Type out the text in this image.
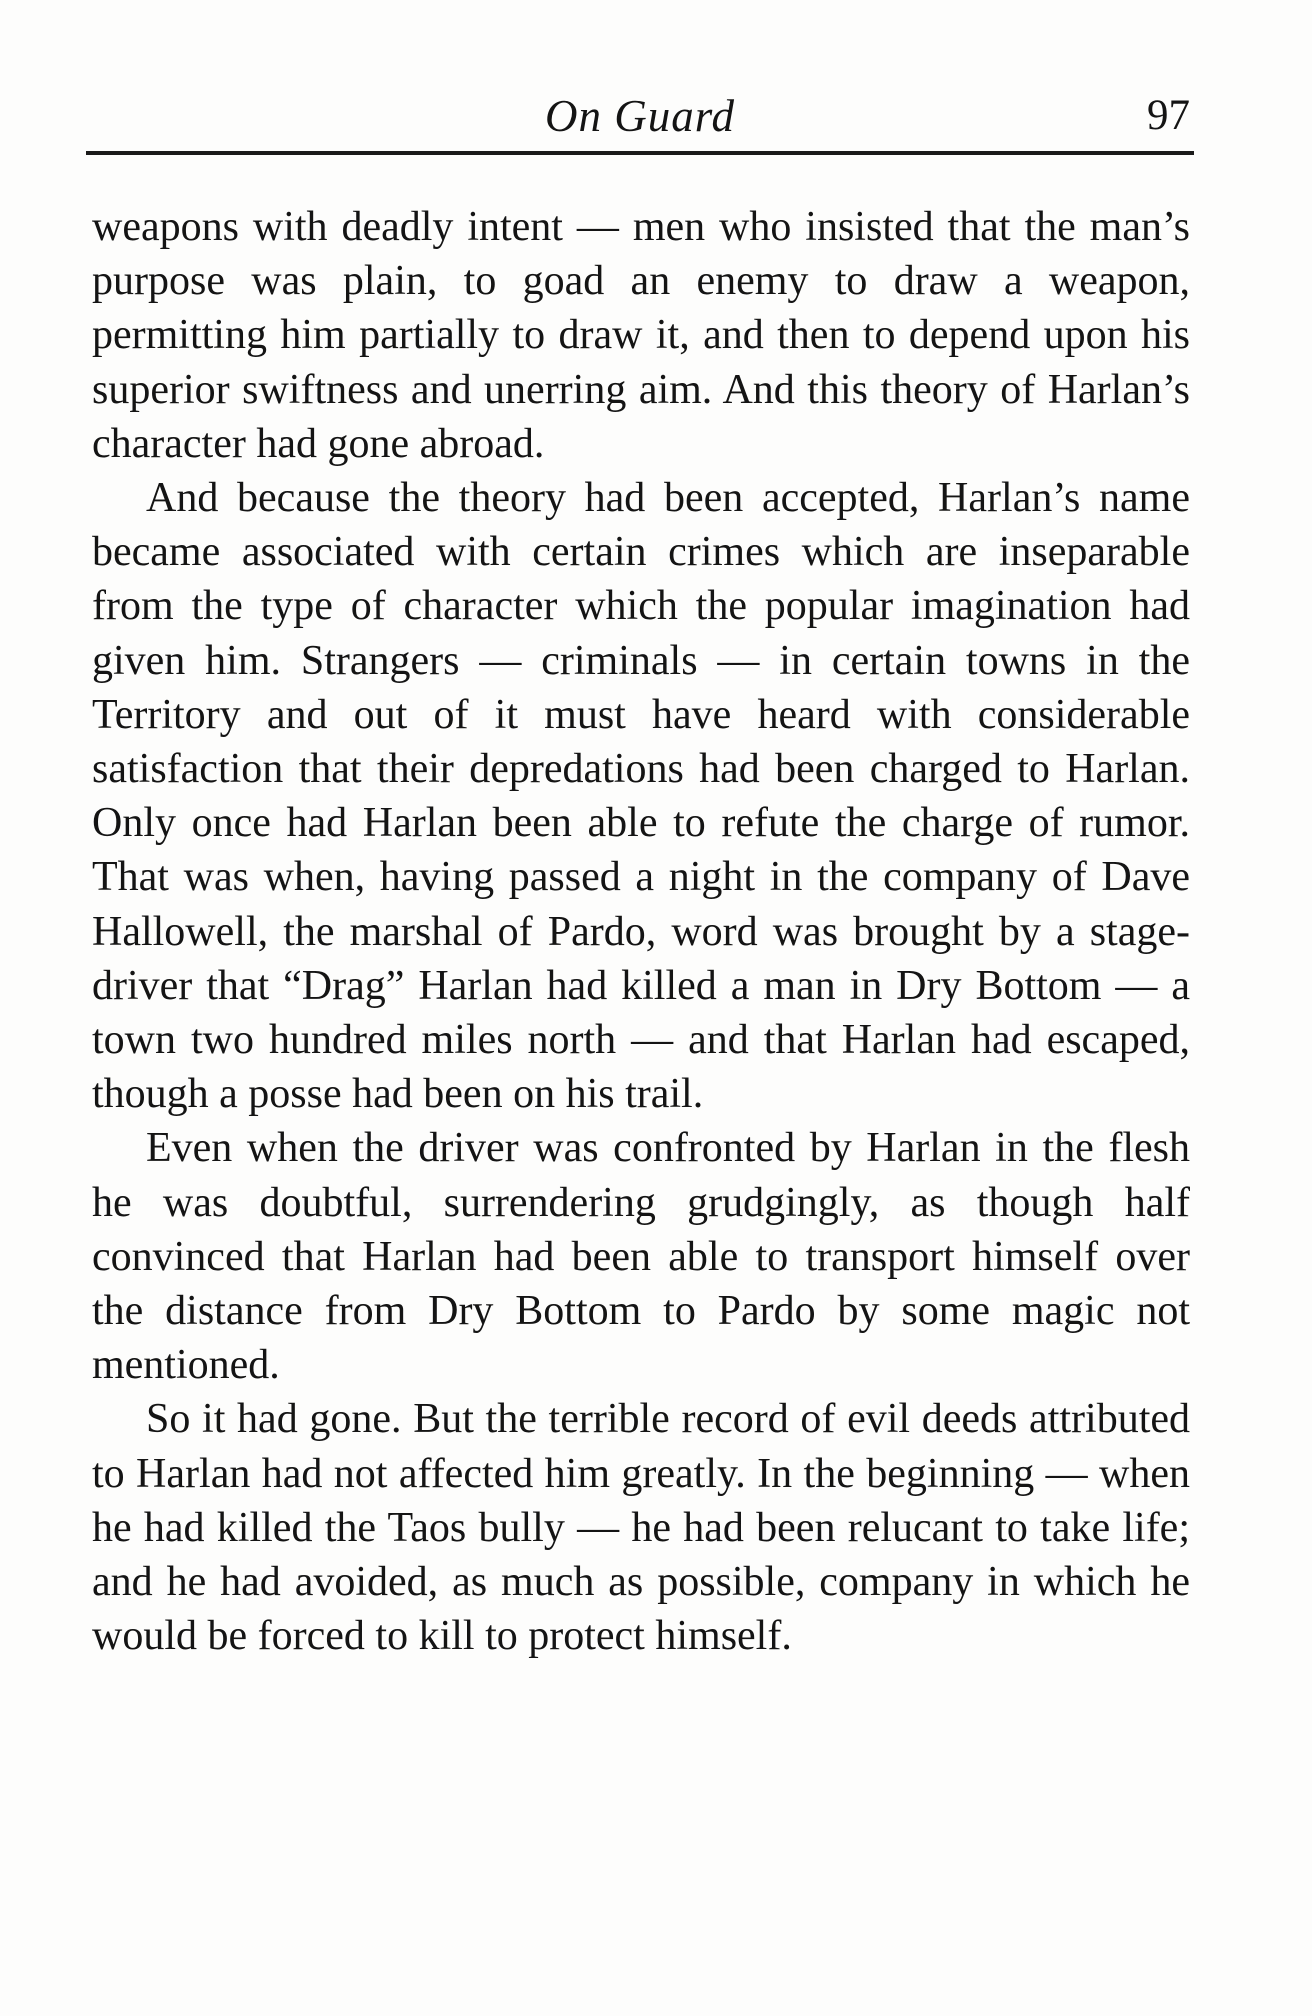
On Guard	97

weapons with deadly intent — men who insisted that the man’s purpose was plain, to goad an enemy to draw a weapon, permitting him partially to draw it, and then to depend upon his superior swiftness and unerring aim. And this theory of Harlan’s character had gone abroad.

And because the theory had been accepted, Harlan’s name became associated with certain crimes which are inseparable from the type of character which the popular imagination had given him. Strangers — criminals — in certain towns in the Territory and out of it must have heard with considerable satisfaction that their depredations had been charged to Harlan. Only once had Harlan been able to refute the charge of rumor. That was when, having passed a night in the company of Dave Hallowell, the marshal of Pardo, word was brought by a stage-driver that “Drag” Harlan had killed a man in Dry Bottom — a town two hundred miles north — and that Harlan had escaped, though a posse had been on his trail.

Even when the driver was confronted by Harlan in the flesh he was doubtful, surrendering grudgingly, as though half convinced that Harlan had been able to transport himself over the distance from Dry Bottom to Pardo by some magic not mentioned.

So it had gone. But the terrible record of evil deeds attributed to Harlan had not affected him greatly. In the beginning — when he had killed the Taos bully — he had been relucant to take life; and he had avoided, as much as possible, company in which he would be forced to kill to protect himself.
